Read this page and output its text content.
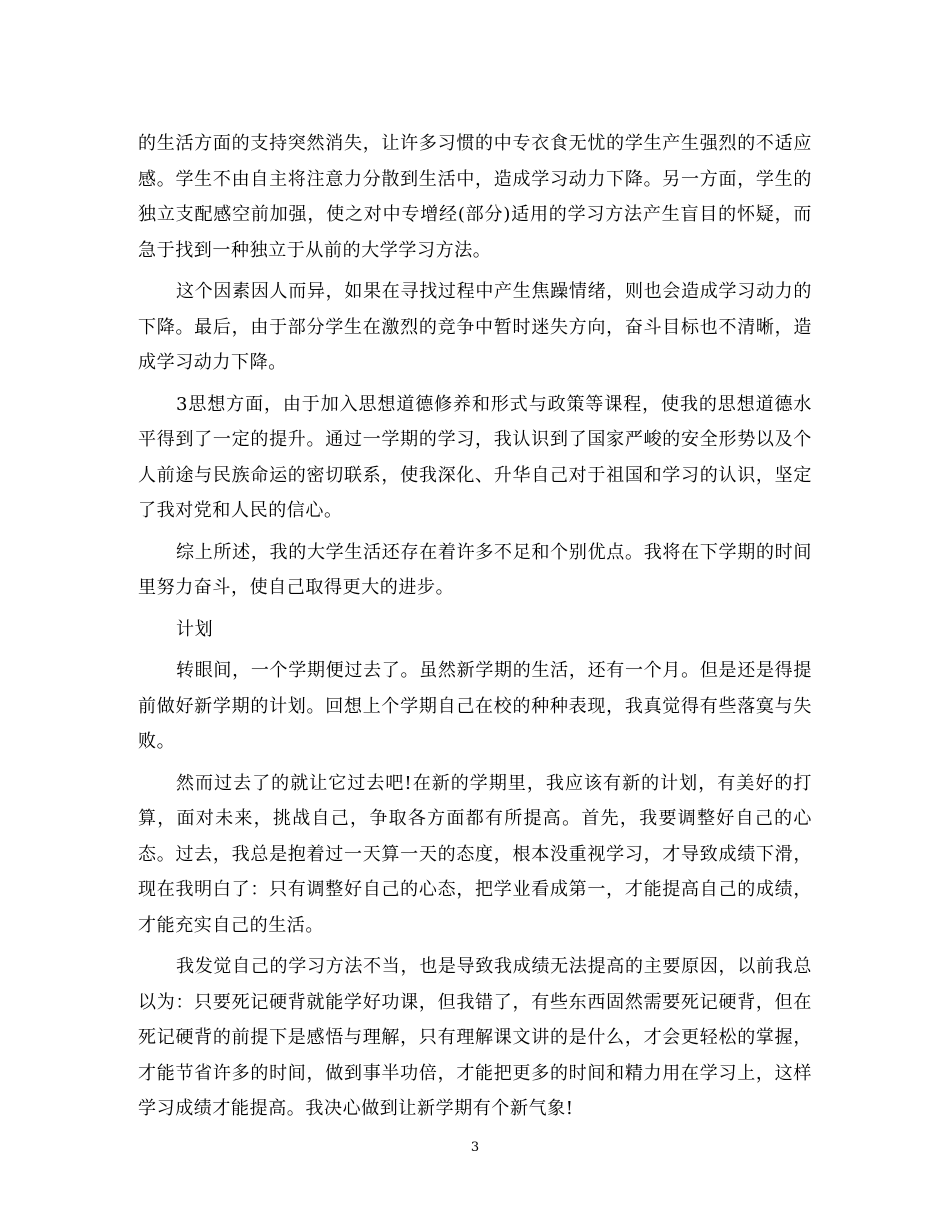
的生活方面的支持突然消失，让许多习惯的中专衣食无忧的学生产生强烈的不适应感。学生不由自主将注意力分散到生活中，造成学习动力下降。另一方面，学生的独立支配感空前加强，使之对中专增经(部分)适用的学习方法产生盲目的怀疑，而急于找到一种独立于从前的大学学习方法。

这个因素因人而异，如果在寻找过程中产生焦躁情绪，则也会造成学习动力的下降。最后，由于部分学生在激烈的竞争中暂时迷失方向，奋斗目标也不清晰，造成学习动力下降。

3思想方面，由于加入思想道德修养和形式与政策等课程，使我的思想道德水平得到了一定的提升。通过一学期的学习，我认识到了国家严峻的安全形势以及个人前途与民族命运的密切联系，使我深化、升华自己对于祖国和学习的认识，坚定了我对党和人民的信心。

综上所述，我的大学生活还存在着许多不足和个别优点。我将在下学期的时间里努力奋斗，使自己取得更大的进步。

计划

转眼间，一个学期便过去了。虽然新学期的生活，还有一个月。但是还是得提前做好新学期的计划。回想上个学期自己在校的种种表现，我真觉得有些落寞与失败。

然而过去了的就让它过去吧!在新的学期里，我应该有新的计划，有美好的打算，面对未来，挑战自己，争取各方面都有所提高。首先，我要调整好自己的心态。过去，我总是抱着过一天算一天的态度，根本没重视学习，才导致成绩下滑，现在我明白了：只有调整好自己的心态，把学业看成第一，才能提高自己的成绩，才能充实自己的生活。

我发觉自己的学习方法不当，也是导致我成绩无法提高的主要原因，以前我总以为：只要死记硬背就能学好功课，但我错了，有些东西固然需要死记硬背，但在死记硬背的前提下是感悟与理解，只有理解课文讲的是什么，才会更轻松的掌握，才能节省许多的时间，做到事半功倍，才能把更多的时间和精力用在学习上，这样学习成绩才能提高。我决心做到让新学期有个新气象!

3
